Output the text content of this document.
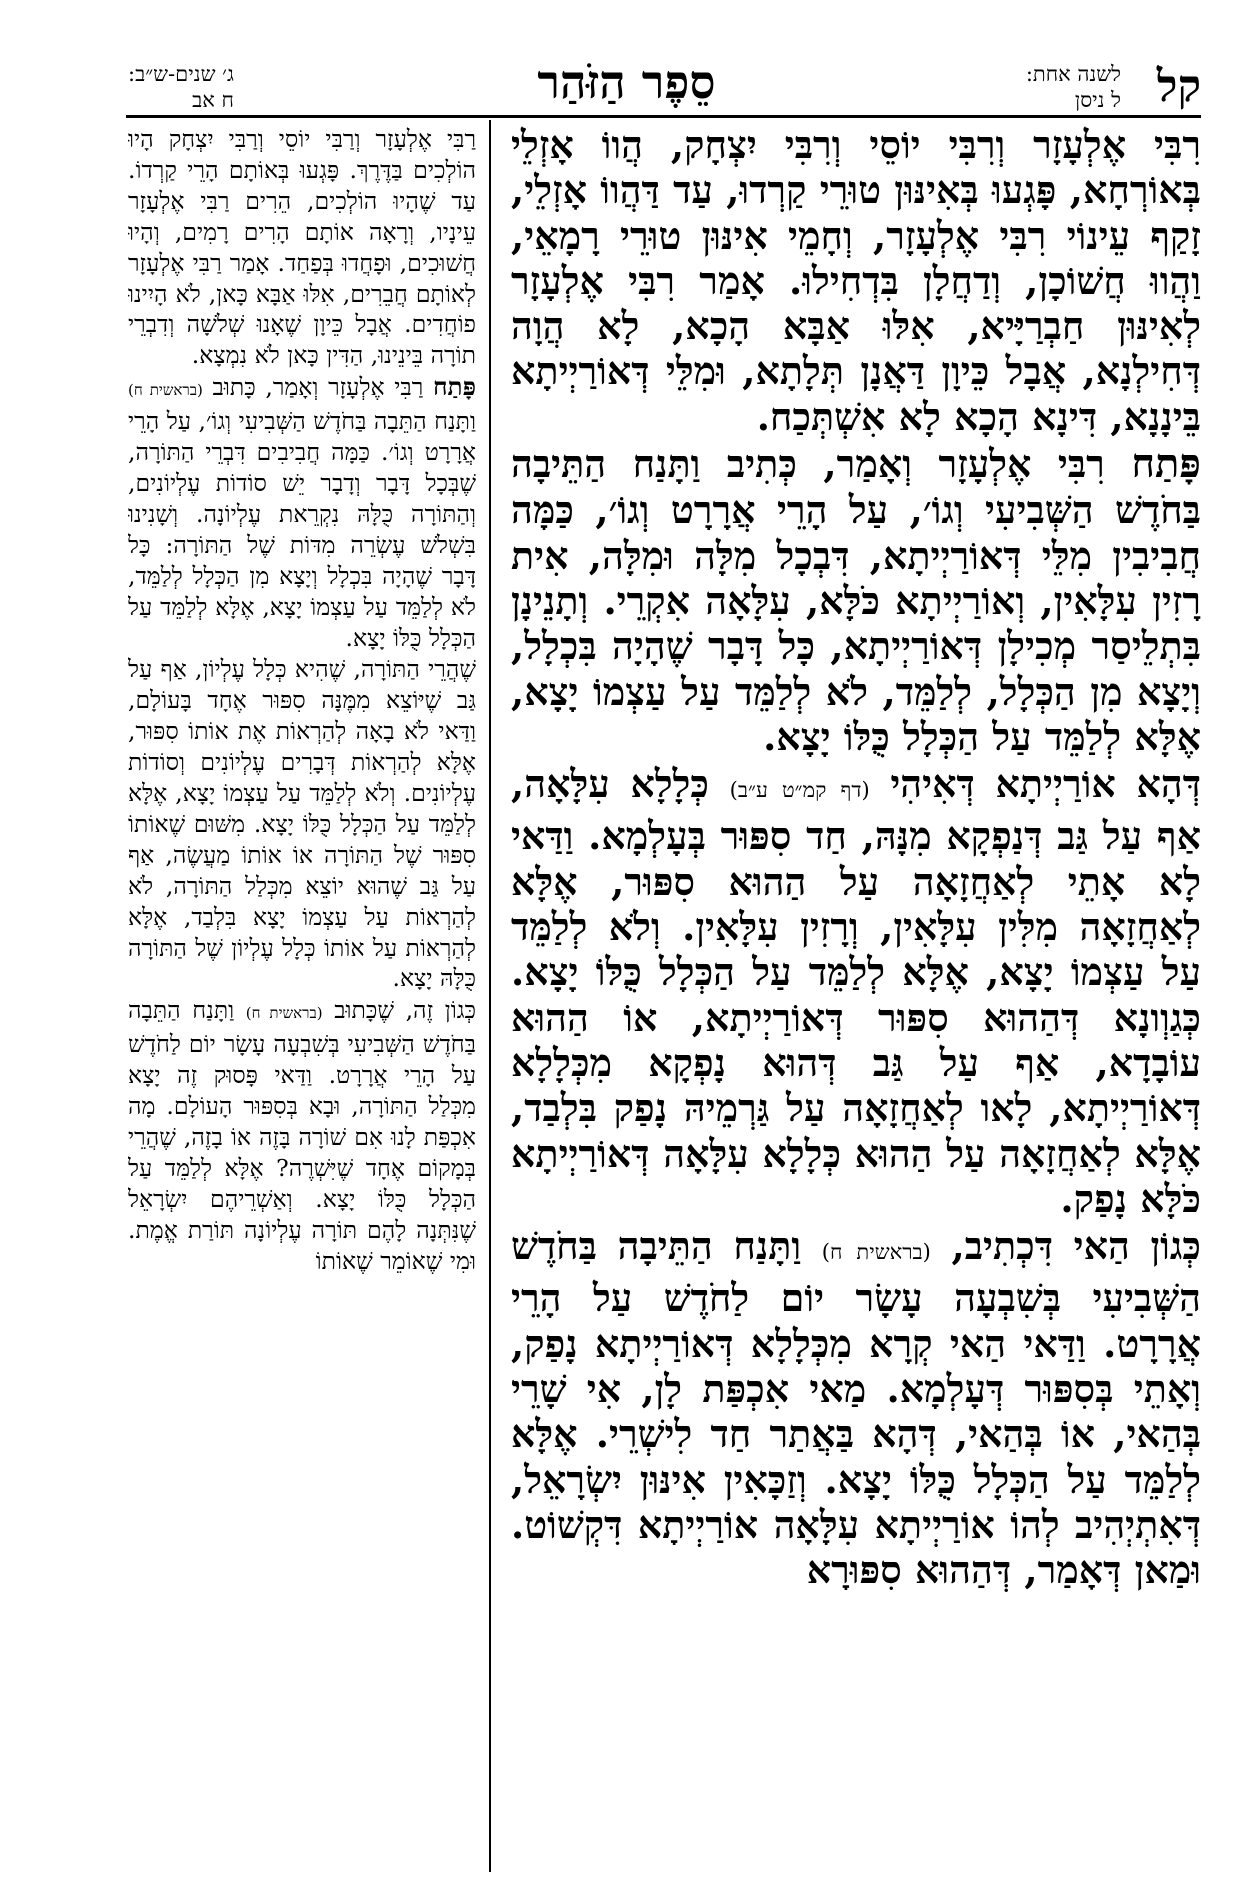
קל
לשנה אחת:
ל ניסן
סֵפֶר הַזֹּהַר
ג׳ שנים-ש״ב:
ח אב

רִבִּי אֶלְעָזָר וְרִבִּי יוֹסֵי וְרִבִּי יִצְחָק, הֲווֹ אָזְלֵי בְּאוֹרְחָא, פָּגְעוּ בְּאִינּוּן טוּרֵי קַרְדוּ, עַד דַּהֲווֹ אָזְלֵי, זָקַף עֵינוֹי רִבִּי אֶלְעָזָר, וְחָמֵי אִינּוּן טוּרֵי רָמָאֵי, וַהֲווּ חֲשׁוֹכָן, וְדַחֲלָן בִּדְחִילוּ. אָמַר רִבִּי אֶלְעָזָר לְאִינּוּן חַבְרַיָּיא, אִלּוּ אַבָּא הָכָא, לָא הֲוָה דְּחִילְנָא, אֲבָל כֵּיוָן דַּאֲנָן תְּלָתָא, וּמִלֵּי דְּאוֹרַיְיתָא בֵּינָנָא, דִּינָא הָכָא לָא אִשְׁתְּכַח.

פָּתַח רִבִּי אֶלְעָזָר וְאָמַר, כְּתִיב וַתָּנַח הַתֵּיבָה בַּחֹדֶשׁ הַשְּׁבִיעִי וְגוֹ׳, עַל הָרֵי אֲרָרָט וְגוֹ׳, כַּמָּה חֲבִיבִין מִלֵּי דְּאוֹרַיְיתָא, דִּבְכָל מִלָּה וּמִלָּה, אִית רָזִין עִלָּאִין, וְאוֹרַיְיתָא כֹּלָּא, עִלָּאָה אִקְרֵי. וְתָנֵינָן בִּתְלֵיסַר מְכִילָן דְּאוֹרַיְיתָא, כָּל דָּבָר שֶׁהָיָה בִּכְלָל, וְיָצָא מִן הַכְּלָל, לְלַמֵּד, לֹא לְלַמֵּד עַל עַצְמוֹ יָצָא, אֶלָּא לְלַמֵּד עַל הַכְּלָל כֻּלּוֹ יָצָא.

דְּהָא אוֹרַיְיתָא דְּאִיהִי (דף קמ״ט ע״ב) כְּלָלָא עִלָּאָה, אַף עַל גַּב דְּנַפְקָא מִנָּהּ, חַד סִפּוּר בְּעָלְמָא. וַדַּאי לָא אָתֵי לְאַחֲזָאָה עַל הַהוּא סִפּוּר, אֶלָּא לְאַחֲזָאָה מִלִּין עִלָּאִין, וְרָזִין עִלָּאִין. וְלֹא לְלַמֵּד עַל עַצְמוֹ יָצָא, אֶלָּא לְלַמֵּד עַל הַכְּלָל כֻּלּוֹ יָצָא. כְּגַוְונָא דְּהַהוּא סִפּוּר דְּאוֹרַיְיתָא, אוֹ הַהוּא עוֹבָדָא, אַף עַל גַּב דְּהוּא נָפְקָא מִכְּלָלָא דְּאוֹרַיְיתָא, לָאו לְאַחֲזָאָה עַל גַּרְמֵיהּ נָפַק בִּלְבַד, אֶלָּא לְאַחֲזָאָה עַל הַהוּא כְּלָלָא עִלָּאָה דְּאוֹרַיְיתָא כֹּלָּא נָפַק.

כְּגוֹן הַאי דִּכְתִיב, (בראשית ח) וַתָּנַח הַתֵּיבָה בַּחֹדֶשׁ הַשְּׁבִיעִי בְּשִׁבְעָה עָשָׂר יוֹם לַחֹדֶשׁ עַל הָרֵי אֲרָרָט. וַדַּאי הַאי קְרָא מִכְּלָלָא דְּאוֹרַיְיתָא נָפַק, וְאָתֵי בְּסִפּוּר דְּעָלְמָא. מַאי אִכְפַּת לָן, אִי שָׁרֵי בְּהַאי, אוֹ בְּהַאי, דְּהָא בַּאֲתַר חַד לִישְׁרֵי. אֶלָּא לְלַמֵּד עַל הַכְּלָל כֻּלּוֹ יָצָא. וְזַכָּאִין אִינּוּן יִשְׂרָאֵל, דְּאִתְיְהִיב לְהוֹ אוֹרַיְיתָא עִלָּאָה אוֹרַיְיתָא דִּקְשׁוֹט. וּמַאן דְּאָמַר, דְּהַהוּא סִפּוּרָא

רַבִּי אֶלְעָזָר וְרַבִּי יוֹסֵי וְרַבִּי יִצְחָק הָיוּ הוֹלְכִים בַּדֶּרֶךְ. פָּגְעוּ בְּאוֹתָם הָרֵי קַרְדוֹ. עַד שֶׁהָיוּ הוֹלְכִים, הֵרִים רַבִּי אֶלְעָזָר עֵינָיו, וְרָאָה אוֹתָם הָרִים רָמִים, וְהָיוּ חֲשׁוּכִים, וּפָחֲדוּ בְּפַחַד. אָמַר רַבִּי אֶלְעָזָר לְאוֹתָם חֲבֵרִים, אִלּוּ אַבָּא כָּאן, לֹא הָיִינוּ פוֹחֲדִים. אֲבָל כֵּיוָן שֶׁאָנוּ שְׁלֹשָׁה וְדִבְרֵי תוֹרָה בֵּינֵינוּ, הַדִּין כָּאן לֹא נִמְצָא.

פָּתַח רַבִּי אֶלְעָזָר וְאָמַר, כָּתוּב (בראשית ח) וַתָּנַח הַתֵּבָה בַּחֹדֶשׁ הַשְּׁבִיעִי וְגוֹ׳, עַל הָרֵי אֲרָרָט וְגוֹ׳. כַּמָּה חֲבִיבִים דִּבְרֵי הַתּוֹרָה, שֶׁבְּכָל דָּבָר וְדָבָר יֵשׁ סוֹדוֹת עֶלְיוֹנִים, וְהַתּוֹרָה כֻּלָּהּ נִקְרֵאת עֶלְיוֹנָה. וְשָׁנִינוּ בִּשְׁלֹשׁ עֶשְׂרֵה מִדּוֹת שֶׁל הַתּוֹרָה: כָּל דָּבָר שֶׁהָיָה בִּכְלָל וְיָצָא מִן הַכְּלָל לְלַמֵּד, לֹא לְלַמֵּד עַל עַצְמוֹ יָצָא, אֶלָּא לְלַמֵּד עַל הַכְּלָל כֻּלּוֹ יָצָא.

שֶׁהֲרֵי הַתּוֹרָה, שֶׁהִיא כְּלָל עֶלְיוֹן, אַף עַל גַּב שֶׁיּוֹצֵא מִמֶּנָּה סִפּוּר אֶחָד בָּעוֹלָם, וַדַּאי לֹא בָאָה לְהַרְאוֹת אֶת אוֹתוֹ סִפּוּר, אֶלָּא לְהַרְאוֹת דְּבָרִים עֶלְיוֹנִים וְסוֹדוֹת עֶלְיוֹנִים. וְלֹא לְלַמֵּד עַל עַצְמוֹ יָצָא, אֶלָּא לְלַמֵּד עַל הַכְּלָל כֻּלּוֹ יָצָא. מִשּׁוּם שֶׁאוֹתוֹ סִפּוּר שֶׁל הַתּוֹרָה אוֹ אוֹתוֹ מַעֲשֶׂה, אַף עַל גַּב שֶׁהוּא יוֹצֵא מִכְּלַל הַתּוֹרָה, לֹא לְהַרְאוֹת עַל עַצְמוֹ יָצָא בִּלְבַד, אֶלָּא לְהַרְאוֹת עַל אוֹתוֹ כְּלָל עֶלְיוֹן שֶׁל הַתּוֹרָה כֻּלָּהּ יָצָא.

כְּגוֹן זֶה, שֶׁכָּתוּב (בראשית ח) וַתָּנַח הַתֵּבָה בַּחֹדֶשׁ הַשְּׁבִיעִי בְּשִׁבְעָה עָשָׂר יוֹם לַחֹדֶשׁ עַל הָרֵי אֲרָרָט. וַדַּאי פָּסוּק זֶה יָצָא מִכְּלַל הַתּוֹרָה, וּבָא בְּסִפּוּר הָעוֹלָם. מָה אִכְפַּת לָנוּ אִם שׁוֹרָה בָּזֶה אוֹ בָזֶה, שֶׁהֲרֵי בְּמָקוֹם אֶחָד שֶׁיִּשְׁרֶה? אֶלָּא לְלַמֵּד עַל הַכְּלָל כֻּלּוֹ יָצָא. וְאַשְׁרֵיהֶם יִשְׂרָאֵל שֶׁנִּתְּנָה לָהֶם תּוֹרָה עֶלְיוֹנָה תּוֹרַת אֱמֶת. וּמִי שֶׁאוֹמֵר שֶׁאוֹתוֹ
